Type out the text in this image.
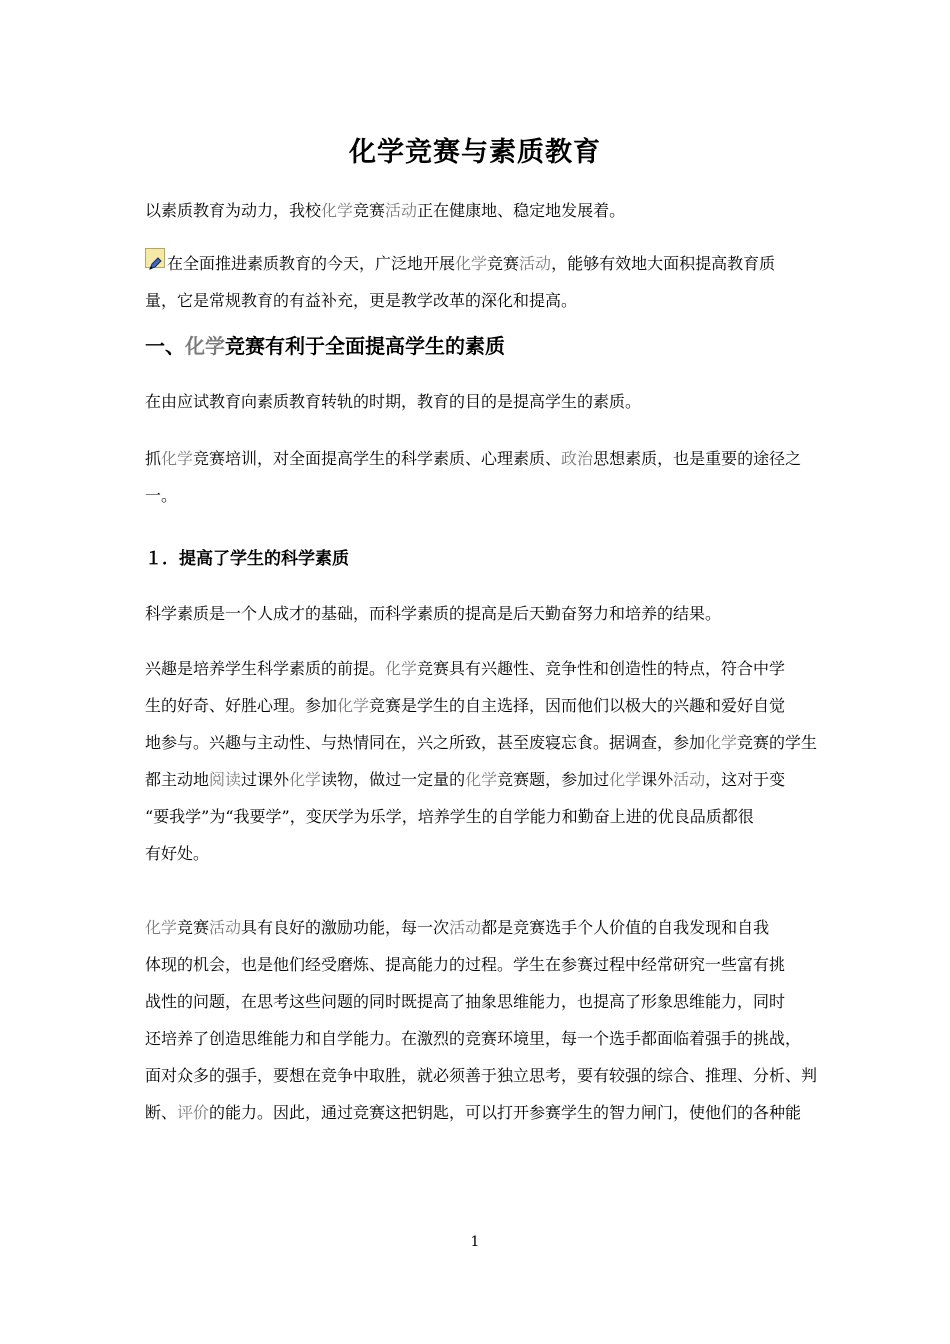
化学竞赛与素质教育

以素质教育为动力，我校化学竞赛活动正在健康地、稳定地发展着。

在全面推进素质教育的今天，广泛地开展化学竞赛活动，能够有效地大面积提高教育质
量，它是常规教育的有益补充，更是教学改革的深化和提高。

一、化学竞赛有利于全面提高学生的素质

在由应试教育向素质教育转轨的时期，教育的目的是提高学生的素质。

抓化学竞赛培训，对全面提高学生的科学素质、心理素质、政治思想素质，也是重要的途径之
一。

１．提高了学生的科学素质

科学素质是一个人成才的基础，而科学素质的提高是后天勤奋努力和培养的结果。

兴趣是培养学生科学素质的前提。化学竞赛具有兴趣性、竞争性和创造性的特点，符合中学
生的好奇、好胜心理。参加化学竞赛是学生的自主选择，因而他们以极大的兴趣和爱好自觉
地参与。兴趣与主动性、与热情同在，兴之所致，甚至废寝忘食。据调查，参加化学竞赛的学生
都主动地阅读过课外化学读物，做过一定量的化学竞赛题，参加过化学课外活动，这对于变
“要我学”为“我要学”，变厌学为乐学，培养学生的自学能力和勤奋上进的优良品质都很
有好处。

化学竞赛活动具有良好的激励功能，每一次活动都是竞赛选手个人价值的自我发现和自我
体现的机会，也是他们经受磨炼、提高能力的过程。学生在参赛过程中经常研究一些富有挑
战性的问题，在思考这些问题的同时既提高了抽象思维能力，也提高了形象思维能力，同时
还培养了创造思维能力和自学能力。在激烈的竞赛环境里，每一个选手都面临着强手的挑战，
面对众多的强手，要想在竞争中取胜，就必须善于独立思考，要有较强的综合、推理、分析、判
断、评价的能力。因此，通过竞赛这把钥匙，可以打开参赛学生的智力闸门，使他们的各种能

1
